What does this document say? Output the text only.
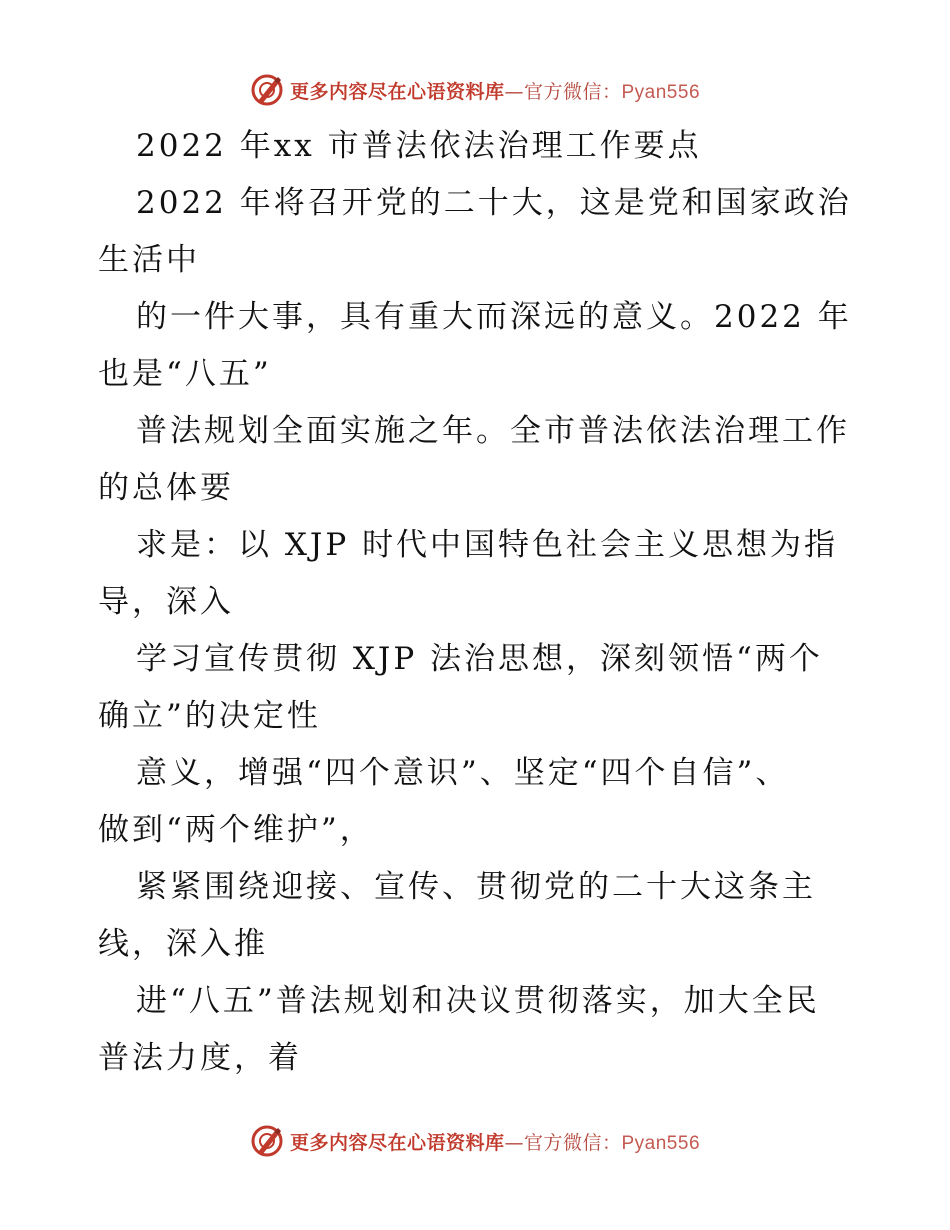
更多内容尽在心语资料库—官方微信：Pyan556
2022 年xx 市普法依法治理工作要点
2022 年将召开党的二十大，这是党和国家政治
生活中
的一件大事，具有重大而深远的意义。2022 年
也是“八五”
普法规划全面实施之年。全市普法依法治理工作
的总体要
求是：以 XJP 时代中国特色社会主义思想为指
导，深入
学习宣传贯彻 XJP 法治思想，深刻领悟“两个
确立”的决定性
意义，增强“四个意识”、坚定“四个自信”、
做到“两个维护”，
紧紧围绕迎接、宣传、贯彻党的二十大这条主
线，深入推
进“八五”普法规划和决议贯彻落实，加大全民
普法力度，着
更多内容尽在心语资料库—官方微信：Pyan556
